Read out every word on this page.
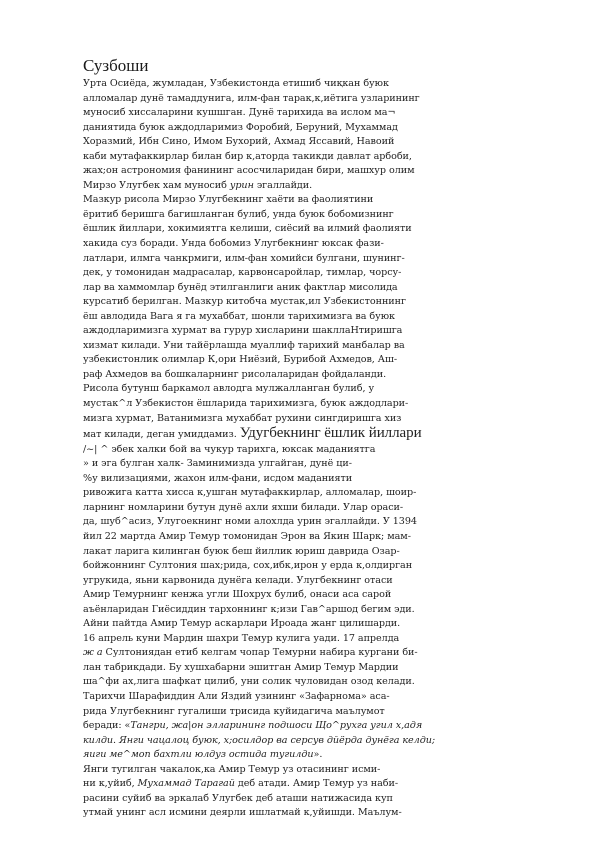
Сузбоши
Урта Осиёда, жумладан, Узбекистонда етишиб чиқкан буюк
алломалар дунё тамаддунига, илм-фан тарак,к,иётига узларининг
муносиб хиссаларини кушшган. Дунё тарихида ва ислом ма¬
даниятида буюк аждодларимиз Форобий, Беруний, Мухаммад
Хоразмий, Ибн Сино, Имом Бухорий, Ахмад Яссавий, Навоий
каби мутафаккирлар билан бир к,аторда такикди давлат арбоби,
жах;он астрономия фанининг асосчиларидан бири, машхур олим
Мирзо Улугбек хам муносиб урин эгаллайди.
Мазкур рисола Мирзо Улугбекнинг хаёти ва фаолиятини
ёритиб беришга багишланган булиб, унда буюк бобомизнинг
ёшлик йиллари, хокимиятга келиши, сиёсий ва илмий фаолияти
хакида суз боради. Унда бобомиз Улугбекнинг юксак фази-
латлари, илмга чанкрмиги, илм-фан хомийси булгани, шунинг-
дек, у томонидан мадрасалар, карвонсаройлар, тимлар, чорсу-
лар ва хаммомлар бунёд этилганлиги аник фактлар мисолида
курсатиб берилган. Мазкур китобча мустак,ил Узбекистоннинг
ёш авлодида Вага я га мухаббат, шонли тарихимизга ва буюк
аждодларимизга хурмат ва гурур хисларини шакллаНтиришга
хизмат килади. Уни тайёрлашда муаллиф тарихий манбалар ва
узбекистонлик олимлар К,ори Ниёзий, Бурибой Ахмедов, Аш-
раф Ахмедов ва бошкаларнинг рисолаларидан фойдаланди.
Рисола бутунш баркамол авлодга мулжалланган булиб, у
мустак^л Узбекистон ёшларида тарихимизга, буюк аждодлари-
мизга хурмат, Ватанимизга мухаббат рухини сингдиришга хиз
мат килади, деган умиддамиз. Удугбекнинг ёшлик йиллари
/~| ^ эбек халки бой ва чукур тарихга, юксак маданиятга
» и эга булган халк- Заминимизда улгайган, дунё ци-
%у вилизациями, жахон илм-фани, исдом маданияти
ривожига катта хисса к,ушган мутафаккирлар, алломалар, шоир-
ларнинг номларини бутун дунё ахли яхши билади. Улар ораси-
да, шуб^асиз, Улугоекнинг номи алохлда урин эгаллайди. У 1394
йил 22 мартда Амир Темур томонидан Эрон ва Якин Шарк; мам-
лакат ларига килинган буюк беш йиллик юриш даврида Озар-
бойжоннинг Султония шах;рида, сох,ибк,ирон у ерда к,олдирган
угрукида, яьни карвонида дунёга келади. Улугбекнинг отаси
Амир Темурнинг кенжа угли Шохрух булиб, онаси аса сарой
аъёнларидан Гиёсиддин тархоннинг к;изи Гав^аршод бегим эди.
Айни пайтда Амир Темур аскарлари Ироада жанг цилишарди.
16 апрель куни Мардин шахри Темур кулига уади. 17 апрелда
ж а Султониядан етиб келгам чопар Темурни набира кургани би-
лан табрикдади. Бу хушхабарни эшитган Амир Темур Мардии
ша^фи ах,лига шафкат цилиб, уни солик чуловидан озод келади.
Тарихчи Шарафиддин Али Яздий узининг «Зафарнома» аса-
рида Улугбекнинг гугалиши трисида куйидагича маълумот
беради: «Тангри, жа|он элларининг подшоси Що^рухга угил х,адя
килди. Янги чацалоц буюк, х;осилдор ва серсув дйёрда дунёга келди;
яиги ме^моп бахтли юлдуз остида тугилди».
Янги тугилган чакалок,ка Амир Темур уз отасининг исми-
ни к,уйиб, Мухаммад Тарагай деб атади. Амир Темур уз наби-
расини суйиб ва эркалаб Улугбек деб аташи натижасида куп
утмай унинг асл исмини деярли ишлатмай к,уйишди. Маълум-
